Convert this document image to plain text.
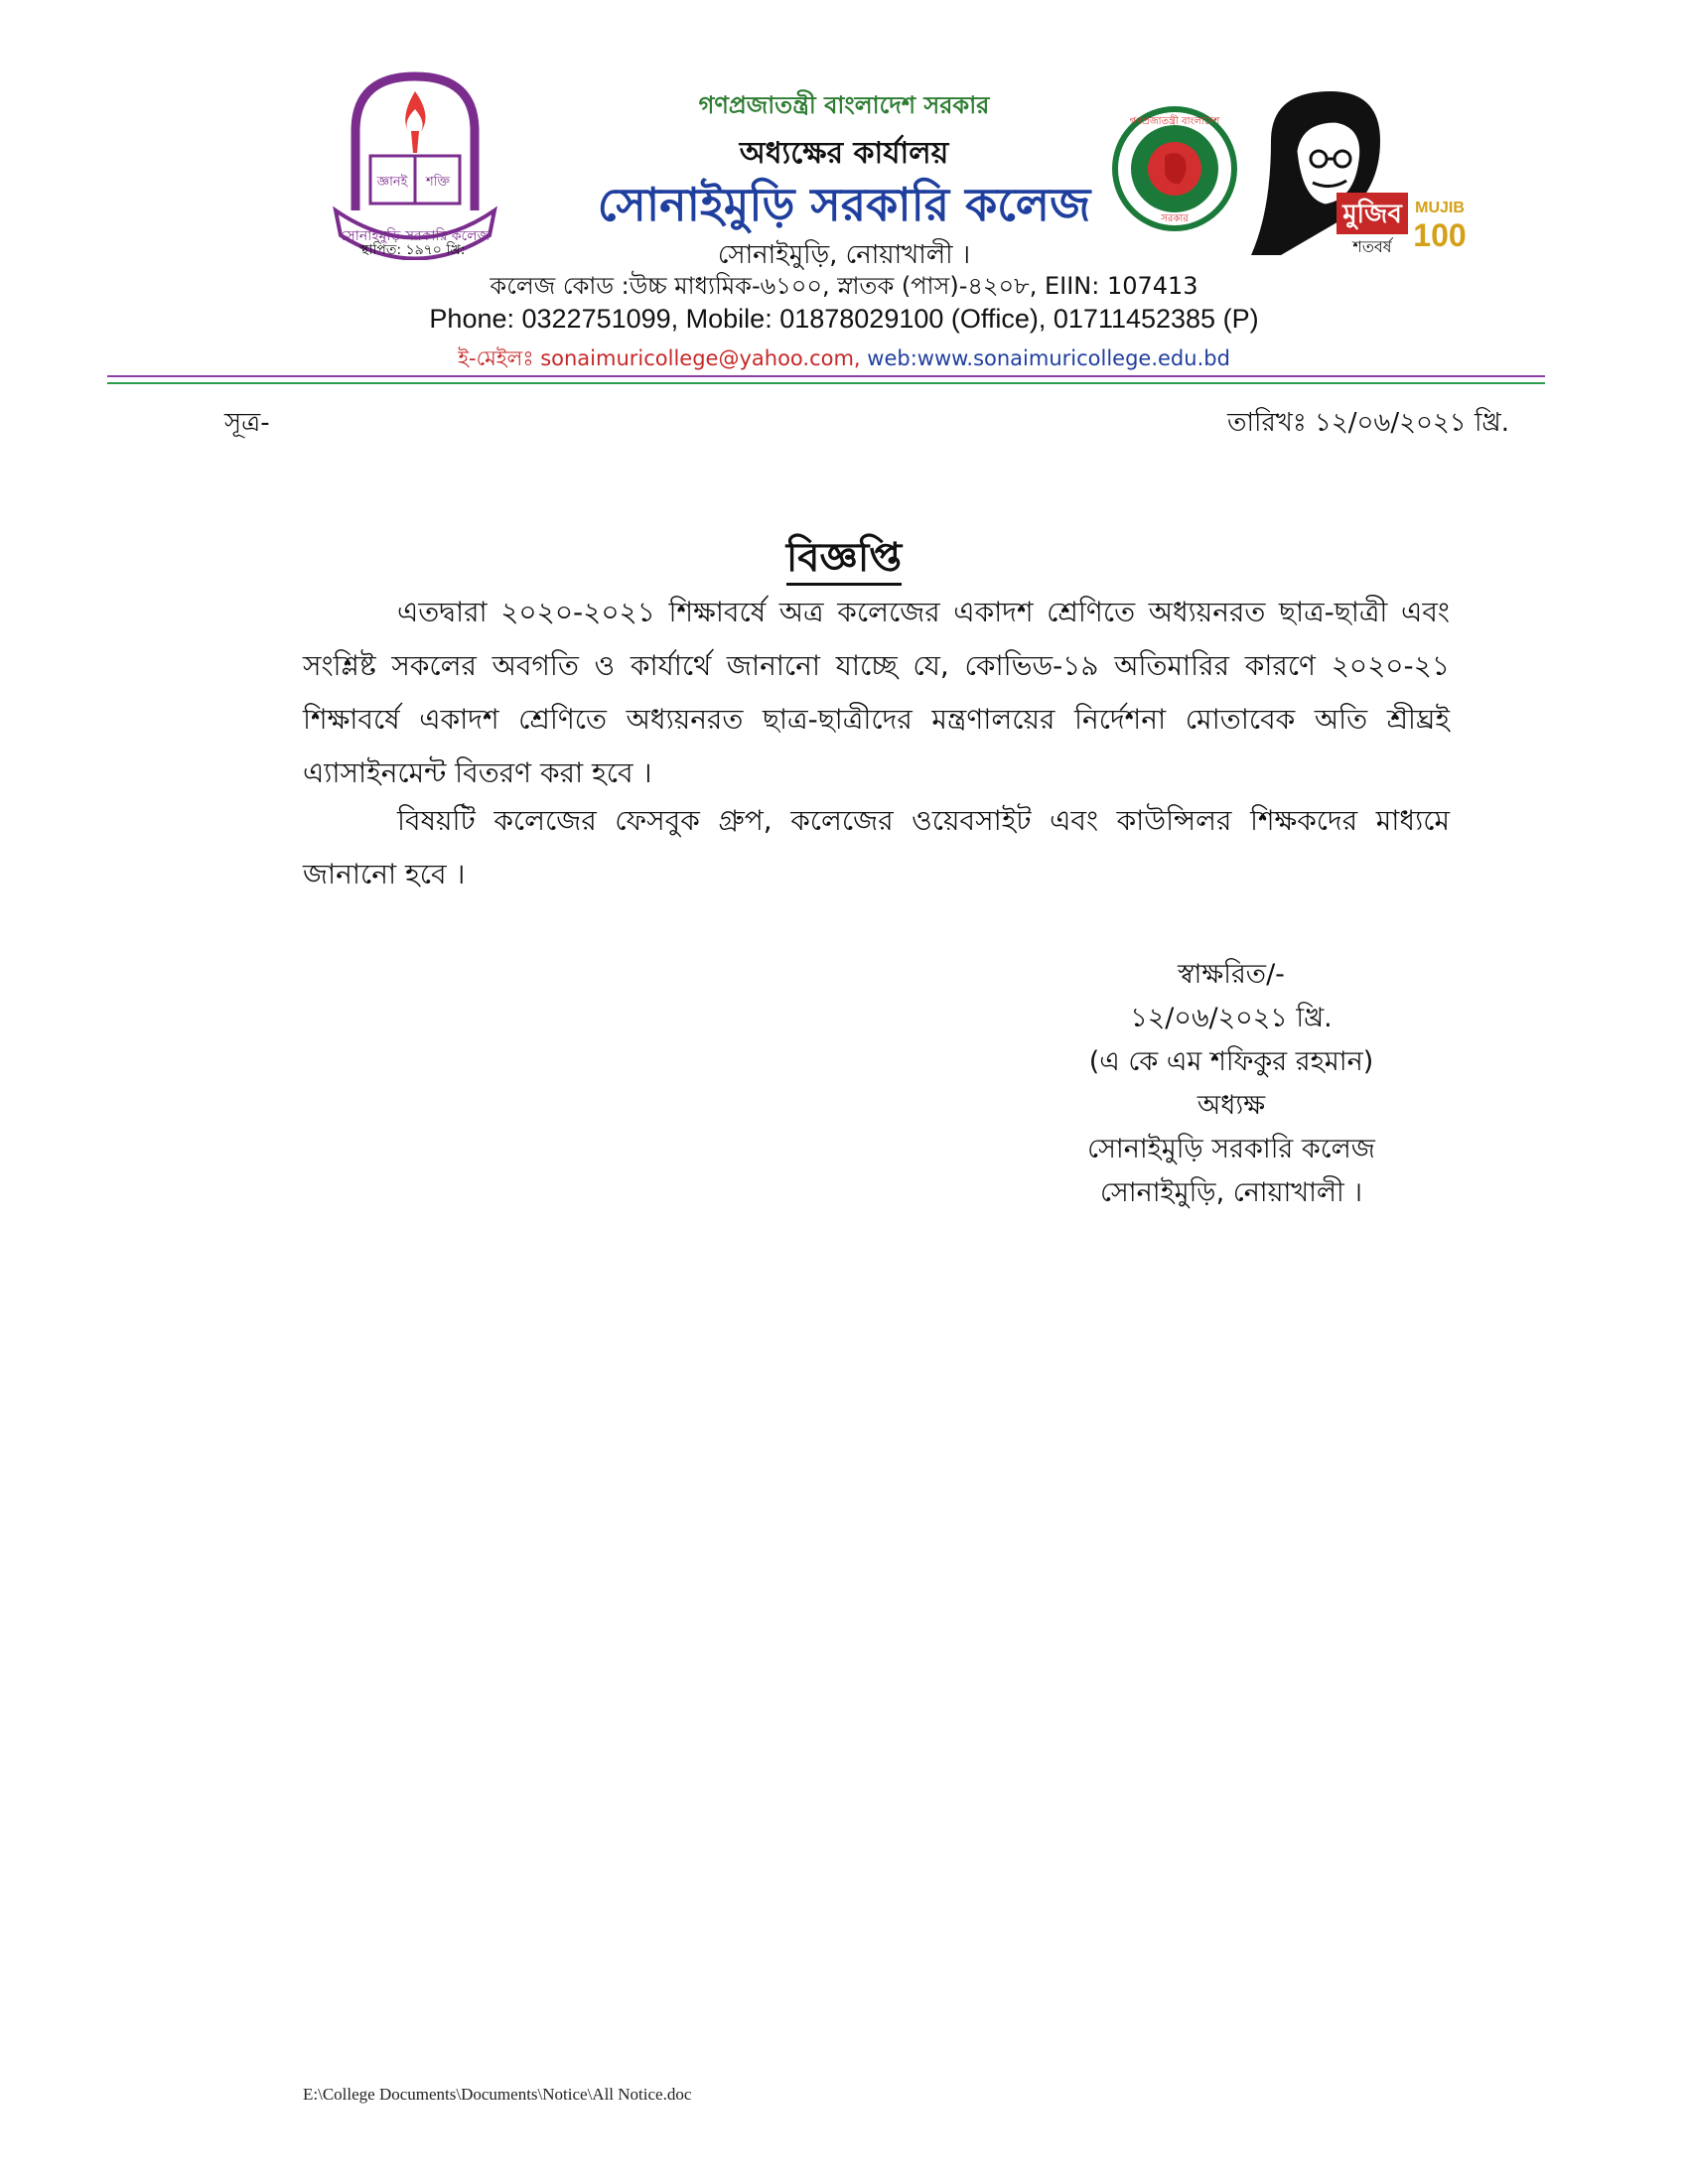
জ্ঞানই শক্তি
সোনাইমুড়ি সরকারি কলেজ
স্থাপিত: ১৯৭০ খ্রি:
গণপ্রজাতন্ত্রী বাংলাদেশ
সরকার	মুজিব
শতবর্ষ
MUJIB
100
গণপ্রজাতন্ত্রী বাংলাদেশ সরকার
অধ্যক্ষের কার্যালয়
সোনাইমুড়ি সরকারি কলেজ
সোনাইমুড়ি, নোয়াখালী ।
কলেজ কোড :উচ্চ মাধ্যমিক-৬১০০, স্নাতক (পাস)-৪২০৮, EIIN: 107413
Phone: 0322751099, Mobile: 01878029100 (Office), 01711452385 (P)
ই-মেইলঃ sonaimuricollege@yahoo.com, web:www.sonaimuricollege.edu.bd
সূত্র-	তারিখঃ ১২/০৬/২০২১ খ্রি.
বিজ্ঞপ্তি
এতদ্বারা ২০২০-২০২১ শিক্ষাবর্ষে অত্র কলেজের একাদশ শ্রেণিতে অধ্যয়নরত ছাত্র-ছাত্রী এবং সংশ্লিষ্ট সকলের অবগতি ও কার্যার্থে জানানো যাচ্ছে যে, কোভিড-১৯ অতিমারির কারণে ২০২০-২১ শিক্ষাবর্ষে একাদশ শ্রেণিতে অধ্যয়নরত ছাত্র-ছাত্রীদের মন্ত্রণালয়ের নির্দেশনা মোতাবেক অতি শ্রীঘ্রই এ্যাসাইনমেন্ট বিতরণ করা হবে ।
বিষয়টি কলেজের ফেসবুক গ্রুপ, কলেজের ওয়েবসাইট এবং কাউন্সিলর শিক্ষকদের মাধ্যমে জানানো হবে ।
স্বাক্ষরিত/-
১২/০৬/২০২১ খ্রি.
(এ কে এম শফিকুর রহমান)
অধ্যক্ষ
সোনাইমুড়ি সরকারি কলেজ
সোনাইমুড়ি, নোয়াখালী ।
E:\College Documents\Documents\Notice\All Notice.doc
